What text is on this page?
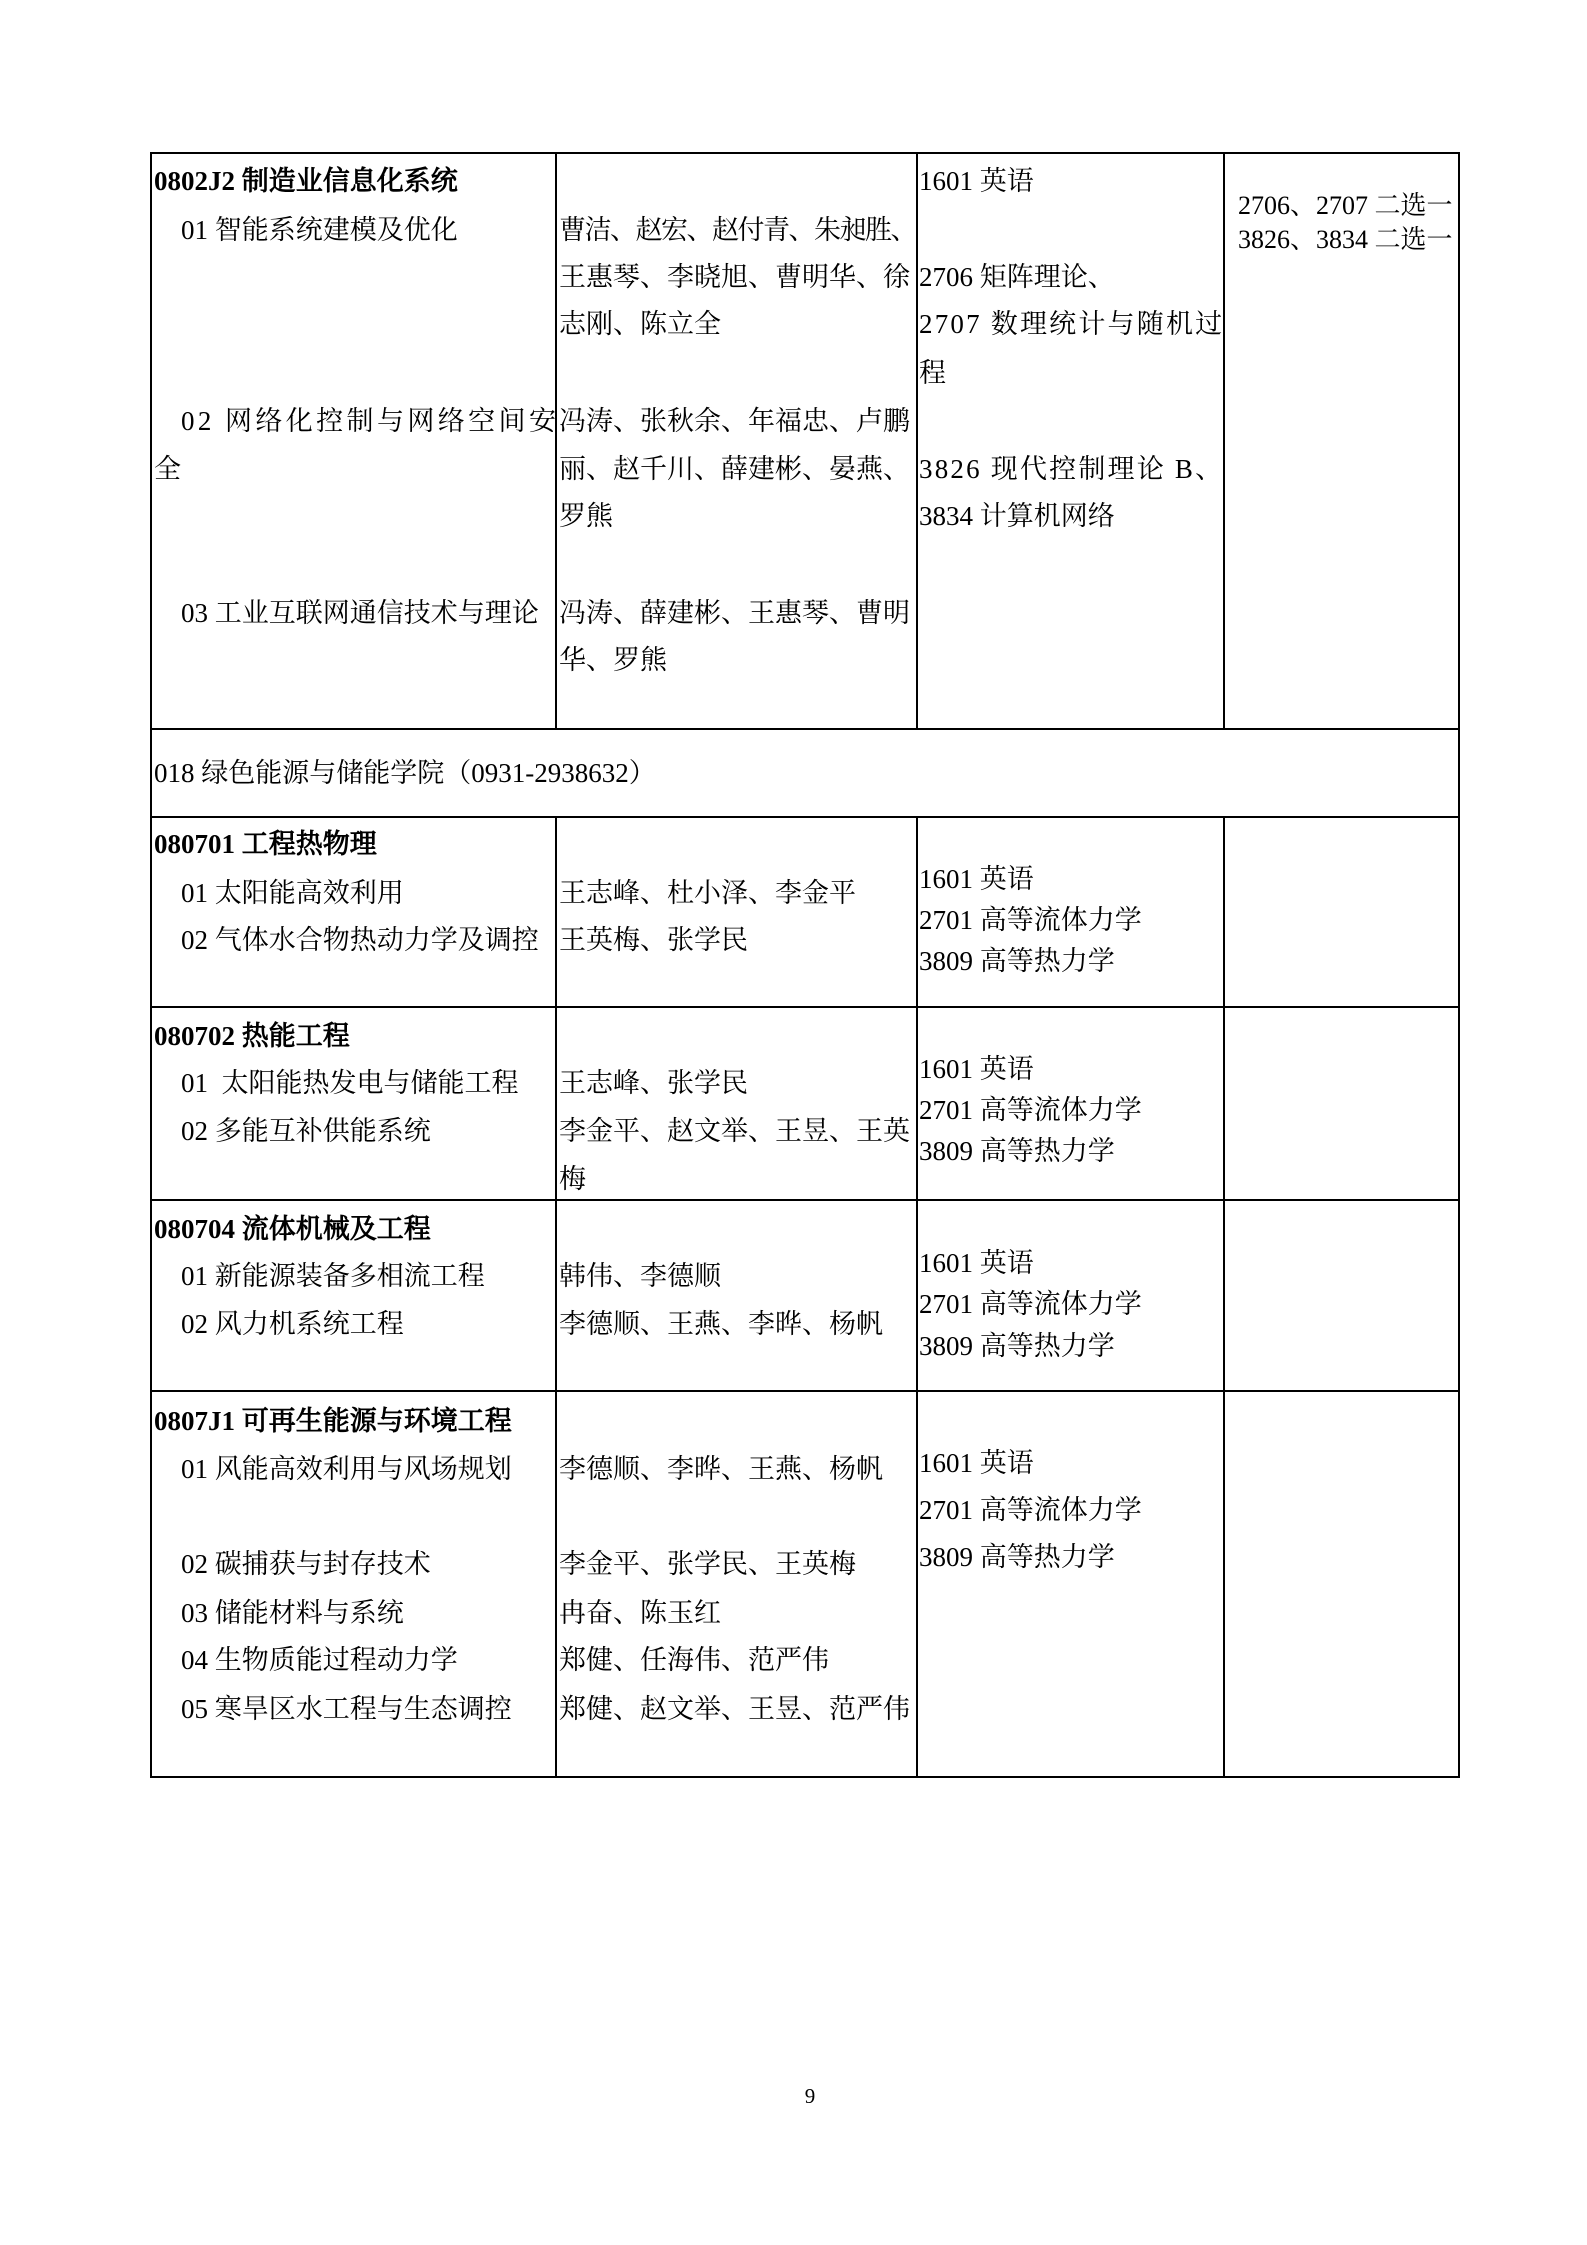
0802J2 制造业信息化系统
01 智能系统建模及优化
02 网络化控制与网络空间安
全
03 工业互联网通信技术与理论
曹洁、赵宏、赵付青、朱昶胜、
王惠琴、李晓旭、曹明华、徐
志刚、陈立全
冯涛、张秋余、年福忠、卢鹏
丽、赵千川、薛建彬、晏燕、
罗熊
冯涛、薛建彬、王惠琴、曹明
华、罗熊
1601 英语
2706 矩阵理论、
2707 数理统计与随机过
程
3826 现代控制理论 B、
3834 计算机网络
2706、2707 二选一
3826、3834 二选一
018 绿色能源与储能学院（0931-2938632）
080701 工程热物理
01 太阳能高效利用
02 气体水合物热动力学及调控
王志峰、杜小泽、李金平
王英梅、张学民
1601 英语
2701 高等流体力学
3809 高等热力学
080702 热能工程
01  太阳能热发电与储能工程
02 多能互补供能系统
王志峰、张学民
李金平、赵文举、王昱、王英
梅
1601 英语
2701 高等流体力学
3809 高等热力学
080704 流体机械及工程
01 新能源装备多相流工程
02 风力机系统工程
韩伟、李德顺
李德顺、王燕、李晔、杨帆
1601 英语
2701 高等流体力学
3809 高等热力学
0807J1 可再生能源与环境工程
01 风能高效利用与风场规划
02 碳捕获与封存技术
03 储能材料与系统
04 生物质能过程动力学
05 寒旱区水工程与生态调控
李德顺、李晔、王燕、杨帆
李金平、张学民、王英梅
冉奋、陈玉红
郑健、任海伟、范严伟
郑健、赵文举、王昱、范严伟
1601 英语
2701 高等流体力学
3809 高等热力学
9
